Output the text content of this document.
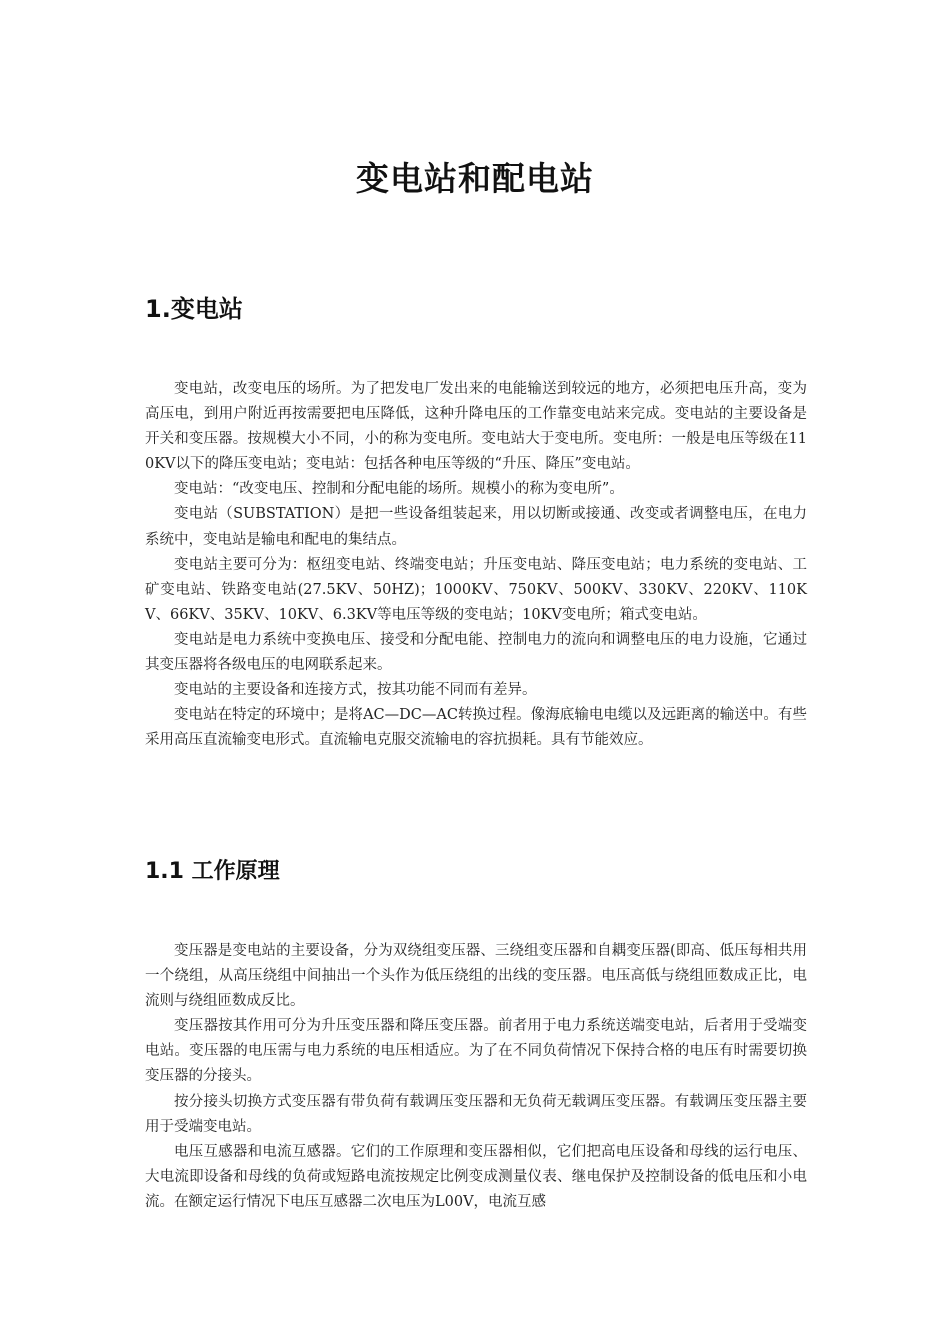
变电站和配电站
1.变电站

变电站，改变电压的场所。为了把发电厂发出来的电能输送到较远的地方，必须把电压升高，变为高压电，到用户附近再按需要把电压降低，这种升降电压的工作靠变电站来完成。变电站的主要设备是开关和变压器。按规模大小不同，小的称为变电所。变电站大于变电所。变电所：一般是电压等级在110KV以下的降压变电站；变电站：包括各种电压等级的“升压、降压”变电站。

变电站：“改变电压、控制和分配电能的场所。规模小的称为变电所”。

变电站（SUBSTATION）是把一些设备组装起来，用以切断或接通、改变或者调整电压，在电力系统中，变电站是输电和配电的集结点。

变电站主要可分为：枢纽变电站、终端变电站；升压变电站、降压变电站；电力系统的变电站、工矿变电站、铁路变电站(27.5KV、50HZ)；1000KV、750KV、500KV、330KV、220KV、110KV、66KV、35KV、10KV、6.3KV等电压等级的变电站；10KV变电所；箱式变电站。

变电站是电力系统中变换电压、接受和分配电能、控制电力的流向和调整电压的电力设施，它通过其变压器将各级电压的电网联系起来。

变电站的主要设备和连接方式，按其功能不同而有差异。

变电站在特定的环境中；是将AC—DC—AC转换过程。像海底输电电缆以及远距离的输送中。有些采用高压直流输变电形式。直流输电克服交流输电的容抗损耗。具有节能效应。

1.1 工作原理

变压器是变电站的主要设备，分为双绕组变压器、三绕组变压器和自耦变压器(即高、低压每相共用一个绕组，从高压绕组中间抽出一个头作为低压绕组的出线的变压器。电压高低与绕组匝数成正比，电流则与绕组匝数成反比。

变压器按其作用可分为升压变压器和降压变压器。前者用于电力系统送端变电站，后者用于受端变电站。变压器的电压需与电力系统的电压相适应。为了在不同负荷情况下保持合格的电压有时需要切换变压器的分接头。

按分接头切换方式变压器有带负荷有载调压变压器和无负荷无载调压变压器。有载调压变压器主要用于受端变电站。

电压互感器和电流互感器。它们的工作原理和变压器相似，它们把高电压设备和母线的运行电压、大电流即设备和母线的负荷或短路电流按规定比例变成测量仪表、继电保护及控制设备的低电压和小电流。在额定运行情况下电压互感器二次电压为L00V，电流互感
